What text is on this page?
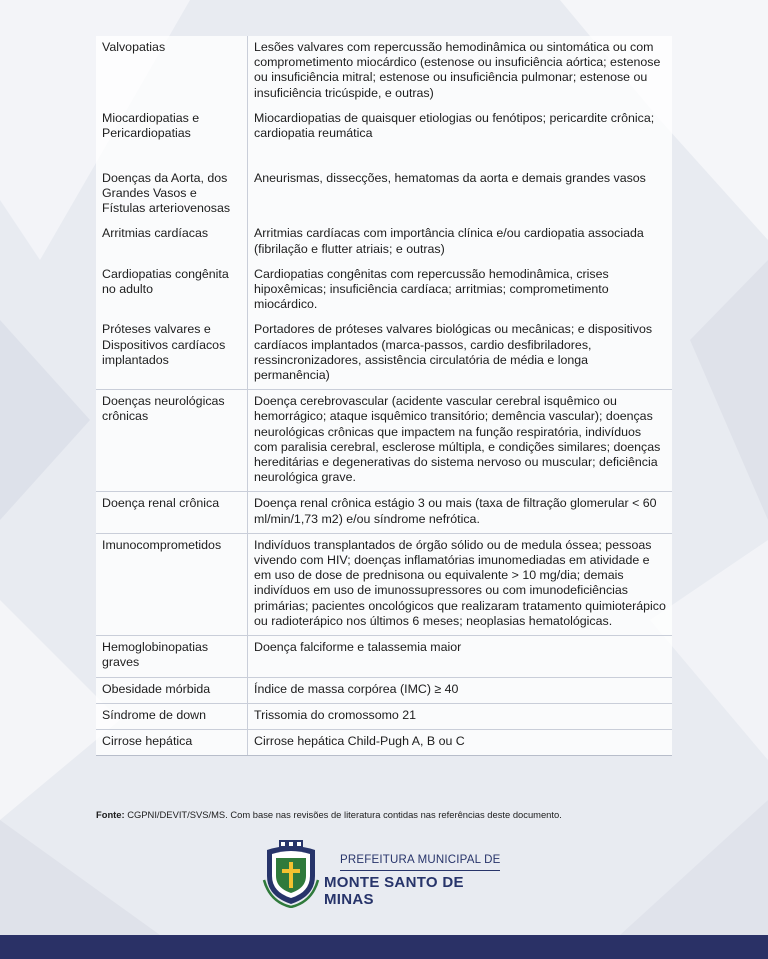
Valvopatias	Lesões valvares com repercussão hemodinâmica ou sintomática ou com comprometimento miocárdico (estenose ou insuficiência aórtica; estenose ou insuficiência mitral; estenose ou insuficiência pulmonar; estenose ou insuficiência tricúspide, e outras)
Miocardiopatias e Pericardiopatias	Miocardiopatias de quaisquer etiologias ou fenótipos; pericardite crônica; cardiopatia reumática
Doenças da Aorta, dos Grandes Vasos e Fístulas arteriovenosas	Aneurismas, dissecções, hematomas da aorta e demais grandes vasos
Arritmias cardíacas	Arritmias cardíacas com importância clínica e/ou cardiopatia associada (fibrilação e flutter atriais; e outras)
Cardiopatias congênita no adulto	Cardiopatias congênitas com repercussão hemodinâmica, crises hipoxêmicas; insuficiência cardíaca; arritmias; comprometimento miocárdico.
Próteses valvares e Dispositivos cardíacos implantados	Portadores de próteses valvares biológicas ou mecânicas; e dispositivos cardíacos implantados (marca-passos, cardio desfibriladores, ressincronizadores, assistência circulatória de média e longa permanência)
Doenças neurológicas crônicas	Doença cerebrovascular (acidente vascular cerebral isquêmico ou hemorrágico; ataque isquêmico transitório; demência vascular); doenças neurológicas crônicas que impactem na função respiratória, indivíduos com paralisia cerebral, esclerose múltipla, e condições similares; doenças hereditárias e degenerativas do sistema nervoso ou muscular; deficiência neurológica grave.
Doença renal crônica	Doença renal crônica estágio 3 ou mais (taxa de filtração glomerular < 60 ml/min/1,73 m2) e/ou síndrome nefrótica.
Imunocomprometidos	Indivíduos transplantados de órgão sólido ou de medula óssea; pessoas vivendo com HIV; doenças inflamatórias imunomediadas em atividade e em uso de dose de prednisona ou equivalente > 10 mg/dia; demais indivíduos em uso de imunossupressores ou com imunodeficiências primárias; pacientes oncológicos que realizaram tratamento quimioterápico ou radioterápico nos últimos 6 meses; neoplasias hematológicas.
Hemoglobinopatias graves	Doença falciforme e talassemia maior
Obesidade mórbida	Índice de massa corpórea (IMC) ≥ 40
Síndrome de down	Trissomia do cromossomo 21
Cirrose hepática	Cirrose hepática Child-Pugh A, B ou C
Fonte: CGPNI/DEVIT/SVS/MS. Com base nas revisões de literatura contidas nas referências deste documento.
PREFEITURA MUNICIPAL DE
MONTE SANTO DE MINAS
